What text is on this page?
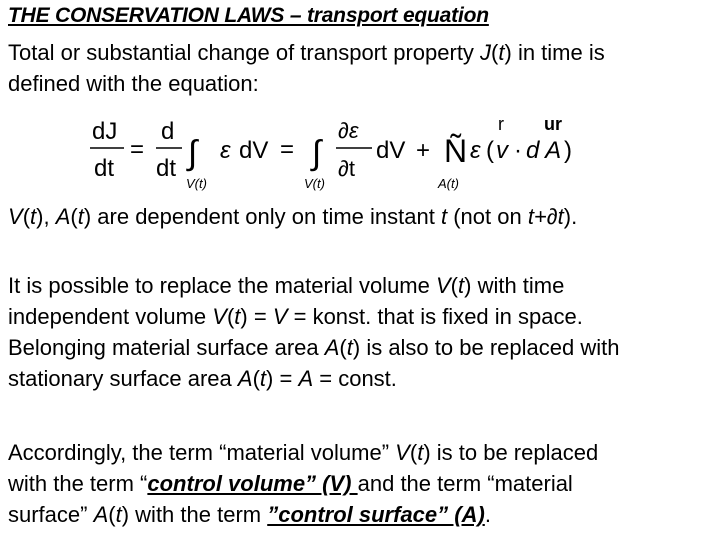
THE CONSERVATION LAWS – transport equation
Total or substantial change of transport property J(t) in time is
defined with the equation:
dJ
dt
=
d
dt ∫
V(t)
ε dV = ∫
V(t)
∂ε
∂t
dV + Ñ
A(t)
ε ( v
r
· d A
ur
)
V(t), A(t) are dependent only on time instant t (not on t+∂t).
It is possible to replace the material volume V(t) with time
independent volume V(t) = V = konst. that is fixed in space.
Belonging material surface area A(t) is also to be replaced with
stationary surface area A(t) = A = const.
Accordingly, the term “material volume” V(t) is to be replaced
with the term “control volume” (V) and the term “material
surface” A(t) with the term ”control surface” (A).
